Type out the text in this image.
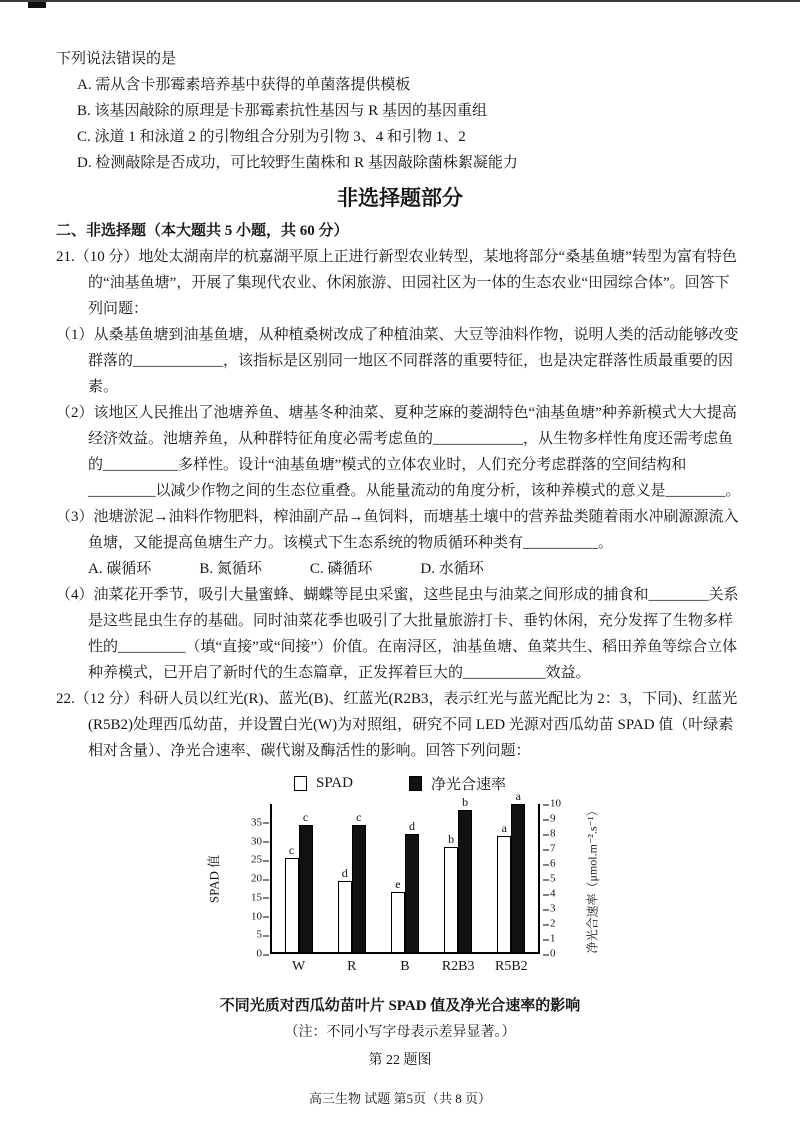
下列说法错误的是

A. 需从含卡那霉素培养基中获得的单菌落提供模板

B. 该基因敲除的原理是卡那霉素抗性基因与 R 基因的基因重组

C. 泳道 1 和泳道 2 的引物组合分别为引物 3、4 和引物 1、2

D. 检测敲除是否成功，可比较野生菌株和 R 基因敲除菌株絮凝能力

非选择题部分

二、非选择题（本大题共 5 小题，共 60 分）

21.（10 分）地处太湖南岸的杭嘉湖平原上正进行新型农业转型，某地将部分“桑基鱼塘”转型为富有特色的“油基鱼塘”，开展了集现代农业、休闲旅游、田园社区为一体的生态农业“田园综合体”。回答下列问题：

（1）从桑基鱼塘到油基鱼塘，从种植桑树改成了种植油菜、大豆等油料作物，说明人类的活动能够改变群落的____________，该指标是区别同一地区不同群落的重要特征，也是决定群落性质最重要的因素。

（2）该地区人民推出了池塘养鱼、塘基冬种油菜、夏种芝麻的菱湖特色“油基鱼塘”种养新模式大大提高经济效益。池塘养鱼，从种群特征角度必需考虑鱼的____________，从生物多样性角度还需考虑鱼的__________多样性。设计“油基鱼塘”模式的立体农业时，人们充分考虑群落的空间结构和_________以减少作物之间的生态位重叠。从能量流动的角度分析，该种养模式的意义是________。

（3）池塘淤泥→油料作物肥料，榨油副产品→鱼饲料，而塘基土壤中的营养盐类随着雨水冲刷源源流入鱼塘，又能提高鱼塘生产力。该模式下生态系统的物质循环种类有__________。

A. 碳循环	B. 氮循环	C. 磷循环	D. 水循环

（4）油菜花开季节，吸引大量蜜蜂、蝴蝶等昆虫采蜜，这些昆虫与油菜之间形成的捕食和________关系是这些昆虫生存的基础。同时油菜花季也吸引了大批量旅游打卡、垂钓休闲，充分发挥了生物多样性的_________（填“直接”或“间接”）价值。在南浔区，油基鱼塘、鱼菜共生、稻田养鱼等综合立体种养模式，已开启了新时代的生态篇章，正发挥着巨大的___________效益。

22.（12 分）科研人员以红光(R)、蓝光(B)、红蓝光(R2B3，表示红光与蓝光配比为 2：3，下同)、红蓝光(R5B2)处理西瓜幼苗，并设置白光(W)为对照组，研究不同 LED 光源对西瓜幼苗 SPAD 值（叶绿素相对含量）、净光合速率、碳代谢及酶活性的影响。回答下列问题：

SPAD	净光合速率
SPAD 值
0
5
10
15
20
25
30
35
c
c
W
d
c
R
e
d
B
b
b
R2B3
a
a
R5B2
0
1
2
3
4
5
6
7
8
9
10
净光合速率（μmol.m⁻².s⁻¹）
不同光质对西瓜幼苗叶片 SPAD 值及净光合速率的影响

（注：不同小写字母表示差异显著。）

第 22 题图

高三生物 试题 第5页（共 8 页）
